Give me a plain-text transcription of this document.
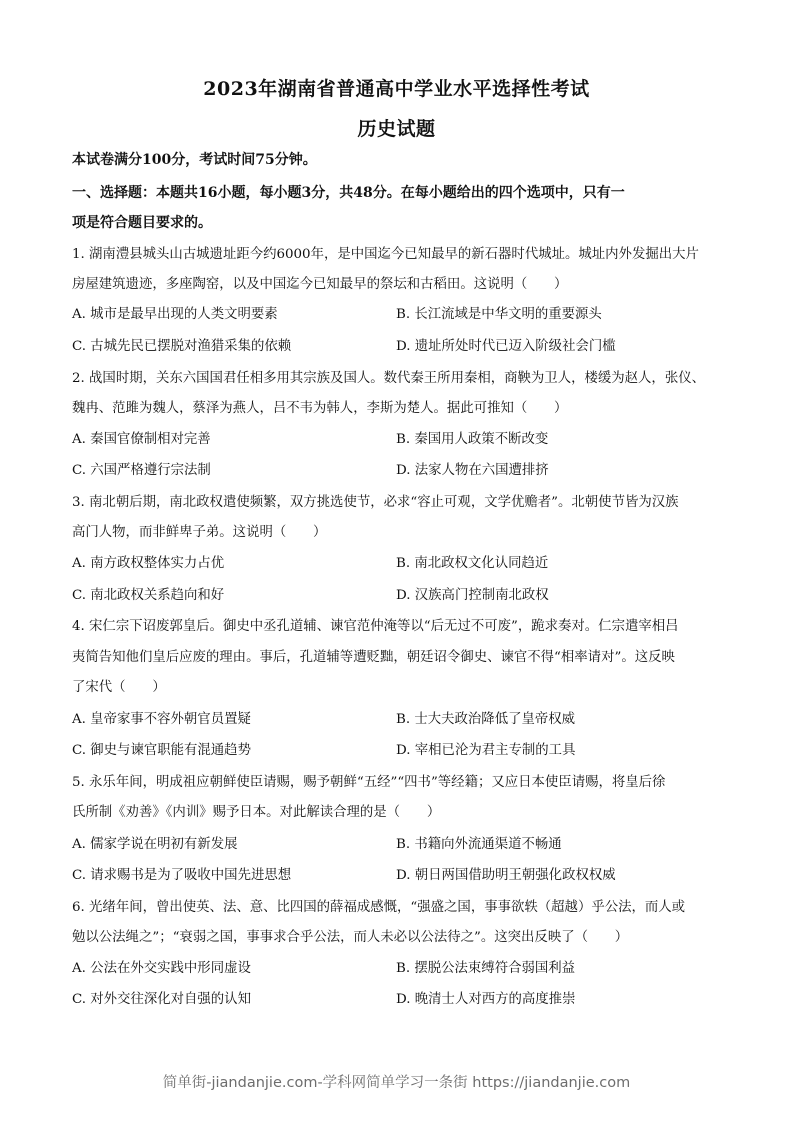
2023年湖南省普通高中学业水平选择性考试
历史试题
本试卷满分100分，考试时间75分钟。
一、选择题：本题共16小题，每小题3分，共48分。在每小题给出的四个选项中，只有一
项是符合题目要求的。
1. 湖南澧县城头山古城遗址距今约6000年，是中国迄今已知最早的新石器时代城址。城址内外发掘出大片
房屋建筑遗迹，多座陶窑，以及中国迄今已知最早的祭坛和古稻田。这说明（　　）
A. 城市是最早出现的人类文明要素	B. 长江流域是中华文明的重要源头
C. 古城先民已摆脱对渔猎采集的依赖	D. 遗址所处时代已迈入阶级社会门槛
2. 战国时期，关东六国国君任相多用其宗族及国人。数代秦王所用秦相，商鞅为卫人，楼缓为赵人，张仪、
魏冉、范雎为魏人，蔡泽为燕人，吕不韦为韩人，李斯为楚人。据此可推知（　　）
A. 秦国官僚制相对完善	B. 秦国用人政策不断改变
C. 六国严格遵行宗法制	D. 法家人物在六国遭排挤
3. 南北朝后期，南北政权遣使频繁，双方挑选使节，必求“容止可观，文学优赡者”。北朝使节皆为汉族
高门人物，而非鲜卑子弟。这说明（　　）
A. 南方政权整体实力占优	B. 南北政权文化认同趋近
C. 南北政权关系趋向和好	D. 汉族高门控制南北政权
4. 宋仁宗下诏废郭皇后。御史中丞孔道辅、谏官范仲淹等以“后无过不可废”，跪求奏对。仁宗遣宰相吕
夷简告知他们皇后应废的理由。事后，孔道辅等遭贬黜，朝廷诏令御史、谏官不得“相率请对”。这反映
了宋代（　　）
A. 皇帝家事不容外朝官员置疑	B. 士大夫政治降低了皇帝权威
C. 御史与谏官职能有混通趋势	D. 宰相已沦为君主专制的工具
5. 永乐年间，明成祖应朝鲜使臣请赐，赐予朝鲜“五经”“四书”等经籍；又应日本使臣请赐，将皇后徐
氏所制《劝善》《内训》赐予日本。对此解读合理的是（　　）
A. 儒家学说在明初有新发展	B. 书籍向外流通渠道不畅通
C. 请求赐书是为了吸收中国先进思想	D. 朝日两国借助明王朝强化政权权威
6. 光绪年间，曾出使英、法、意、比四国的薛福成感慨，“强盛之国，事事欲轶（超越）乎公法，而人或
勉以公法绳之”；“衰弱之国，事事求合乎公法，而人未必以公法待之”。这突出反映了（　　）
A. 公法在外交实践中形同虚设	B. 摆脱公法束缚符合弱国利益
C. 对外交往深化对自强的认知	D. 晚清士人对西方的高度推崇
简单街-jiandanjie.com-学科网简单学习一条街 https://jiandanjie.com
